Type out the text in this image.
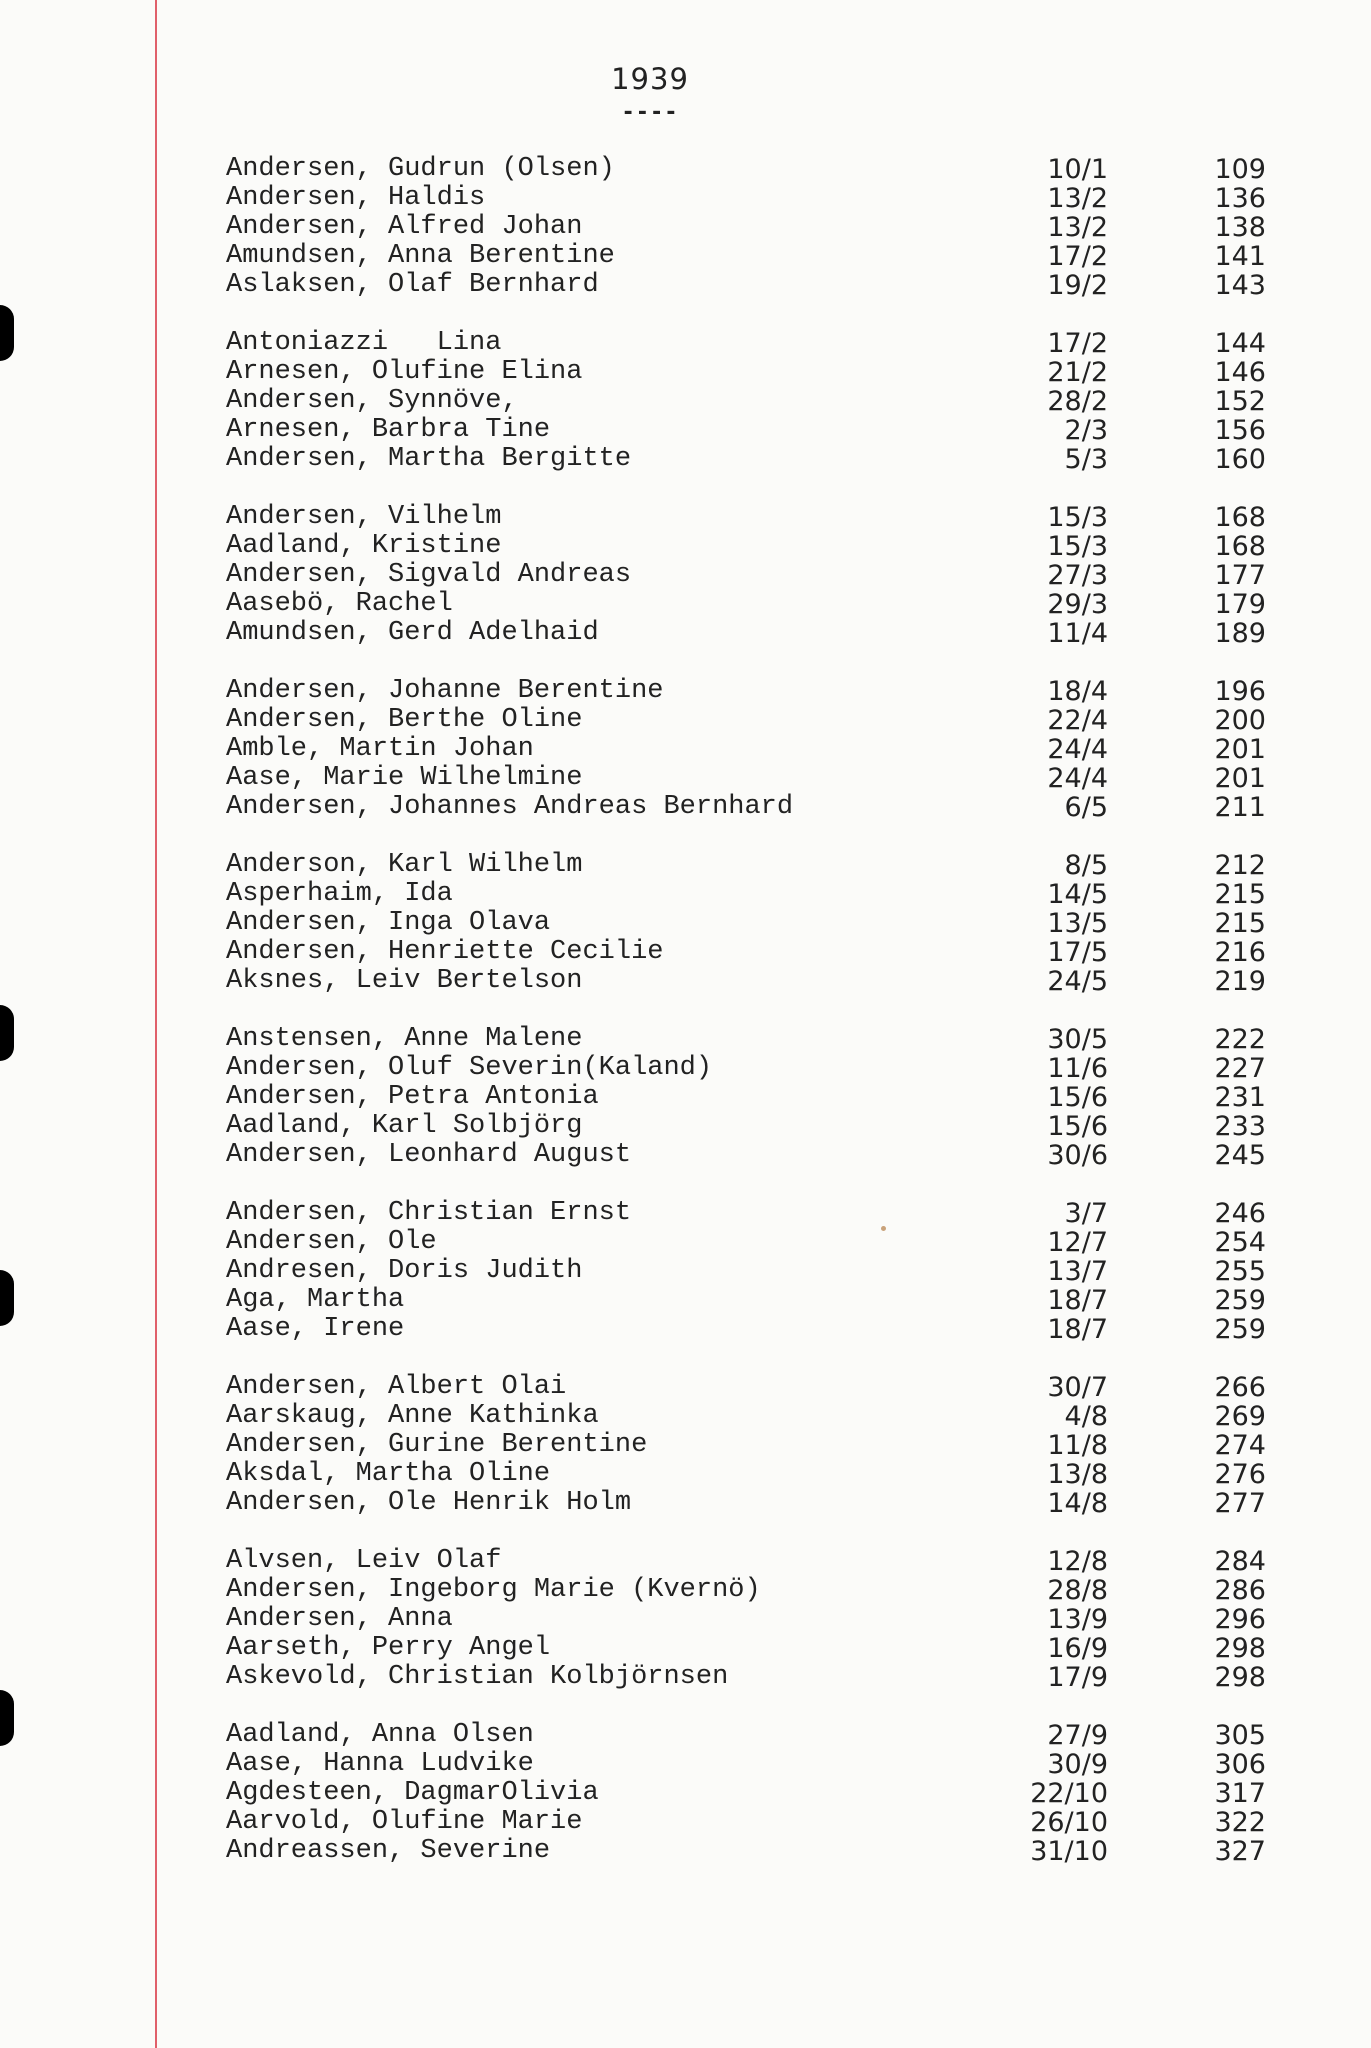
1939
----
Andersen, Gudrun (Olsen)	10/1	109
Andersen, Haldis	13/2	136
Andersen, Alfred Johan	13/2	138
Amundsen, Anna Berentine	17/2	141
Aslaksen, Olaf Bernhard	19/2	143
Antoniazzi   Lina	17/2	144
Arnesen, Olufine Elina	21/2	146
Andersen, Synnöve,	28/2	152
Arnesen, Barbra Tine	2/3	156
Andersen, Martha Bergitte	5/3	160
Andersen, Vilhelm	15/3	168
Aadland, Kristine	15/3	168
Andersen, Sigvald Andreas	27/3	177
Aasebö, Rachel	29/3	179
Amundsen, Gerd Adelhaid	11/4	189
Andersen, Johanne Berentine	18/4	196
Andersen, Berthe Oline	22/4	200
Amble, Martin Johan	24/4	201
Aase, Marie Wilhelmine	24/4	201
Andersen, Johannes Andreas Bernhard	6/5	211
Anderson, Karl Wilhelm	8/5	212
Asperhaim, Ida	14/5	215
Andersen, Inga Olava	13/5	215
Andersen, Henriette Cecilie	17/5	216
Aksnes, Leiv Bertelson	24/5	219
Anstensen, Anne Malene	30/5	222
Andersen, Oluf Severin(Kaland)	11/6	227
Andersen, Petra Antonia	15/6	231
Aadland, Karl Solbjörg	15/6	233
Andersen, Leonhard August	30/6	245
Andersen, Christian Ernst	3/7	246
Andersen, Ole	12/7	254
Andresen, Doris Judith	13/7	255
Aga, Martha	18/7	259
Aase, Irene	18/7	259
Andersen, Albert Olai	30/7	266
Aarskaug, Anne Kathinka	4/8	269
Andersen, Gurine Berentine	11/8	274
Aksdal, Martha Oline	13/8	276
Andersen, Ole Henrik Holm	14/8	277
Alvsen, Leiv Olaf	12/8	284
Andersen, Ingeborg Marie (Kvernö)	28/8	286
Andersen, Anna	13/9	296
Aarseth, Perry Angel	16/9	298
Askevold, Christian Kolbjörnsen	17/9	298
Aadland, Anna Olsen	27/9	305
Aase, Hanna Ludvike	30/9	306
Agdesteen, DagmarOlivia	22/10	317
Aarvold, Olufine Marie	26/10	322
Andreassen, Severine	31/10	327
